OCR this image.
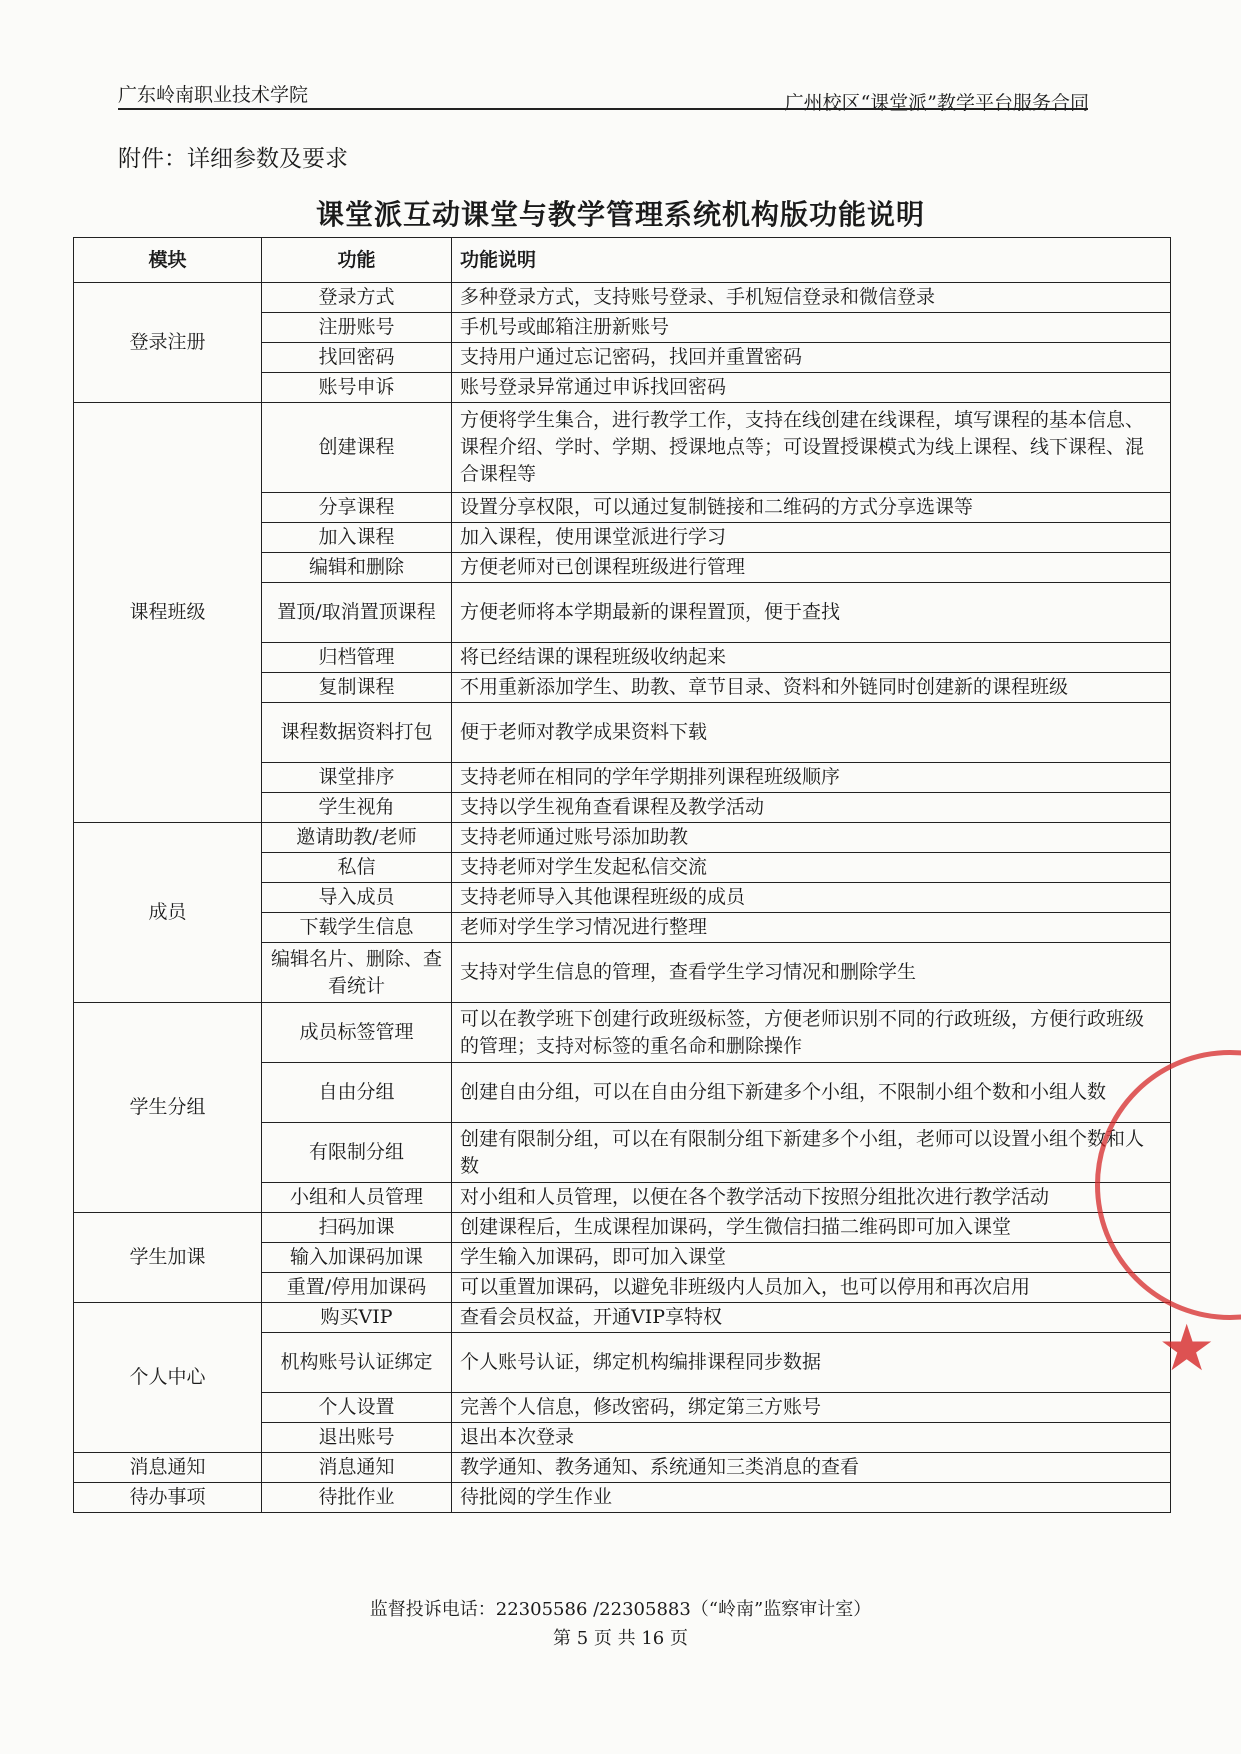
广东岭南职业技术学院	广州校区“课堂派”教学平台服务合同
附件：详细参数及要求
课堂派互动课堂与教学管理系统机构版功能说明
模块	功能	功能说明
登录注册	登录方式	多种登录方式，支持账号登录、手机短信登录和微信登录
	注册账号	手机号或邮箱注册新账号
	找回密码	支持用户通过忘记密码，找回并重置密码
	账号申诉	账号登录异常通过申诉找回密码
课程班级	创建课程	方便将学生集合，进行教学工作，支持在线创建在线课程，填写课程的基本信息、课程介绍、学时、学期、授课地点等；可设置授课模式为线上课程、线下课程、混合课程等
	分享课程	设置分享权限，可以通过复制链接和二维码的方式分享选课等
	加入课程	加入课程，使用课堂派进行学习
	编辑和删除	方便老师对已创课程班级进行管理
	置顶/取消置顶课程	方便老师将本学期最新的课程置顶，便于查找
	归档管理	将已经结课的课程班级收纳起来
	复制课程	不用重新添加学生、助教、章节目录、资料和外链同时创建新的课程班级
	课程数据资料打包	便于老师对教学成果资料下载
	课堂排序	支持老师在相同的学年学期排列课程班级顺序
	学生视角	支持以学生视角查看课程及教学活动
成员	邀请助教/老师	支持老师通过账号添加助教
	私信	支持老师对学生发起私信交流
	导入成员	支持老师导入其他课程班级的成员
	下载学生信息	老师对学生学习情况进行整理
	编辑名片、删除、查看统计	支持对学生信息的管理，查看学生学习情况和删除学生
学生分组	成员标签管理	可以在教学班下创建行政班级标签，方便老师识别不同的行政班级，方便行政班级的管理；支持对标签的重名命和删除操作
	自由分组	创建自由分组，可以在自由分组下新建多个小组，不限制小组个数和小组人数
	有限制分组	创建有限制分组，可以在有限制分组下新建多个小组，老师可以设置小组个数和人数
	小组和人员管理	对小组和人员管理，以便在各个教学活动下按照分组批次进行教学活动
学生加课	扫码加课	创建课程后，生成课程加课码，学生微信扫描二维码即可加入课堂
	输入加课码加课	学生输入加课码，即可加入课堂
	重置/停用加课码	可以重置加课码，以避免非班级内人员加入，也可以停用和再次启用
个人中心	购买VIP	查看会员权益，开通VIP享特权
	机构账号认证绑定	个人账号认证，绑定机构编排课程同步数据
	个人设置	完善个人信息，修改密码，绑定第三方账号
	退出账号	退出本次登录
消息通知	消息通知	教学通知、教务通知、系统通知三类消息的查看
待办事项	待批作业	待批阅的学生作业
★
监督投诉电话：22305586 /22305883（“岭南”监察审计室）
第 5 页 共 16 页
